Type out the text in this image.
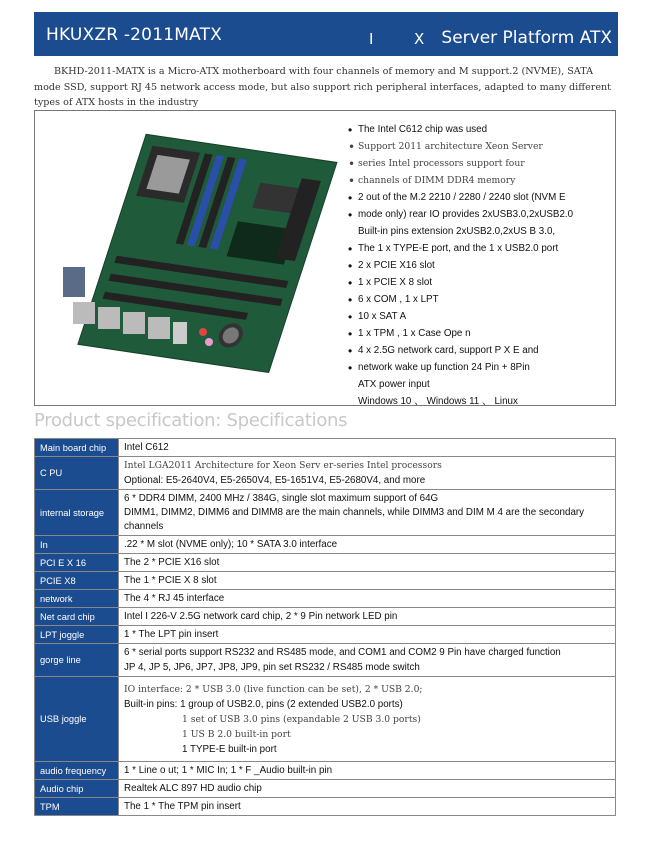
HKUXZR -2011MATX	I	X	Server Platform ATX

BKHD-2011-MATX is a Micro-ATX motherboard with four channels of memory and M support.2 (NVME), SATA mode SSD, support RJ 45 network access mode, but also support rich peripheral interfaces, adapted to many different types of ATX hosts in the industry

• The Intel C612 chip was used
• Support 2011 architecture Xeon Server
• series Intel processors support four
• channels of DIMM DDR4 memory
• 2 out of the M.2 2210 / 2280 / 2240 slot (NVM E
• mode only) rear IO provides 2xUSB3.0,2xUSB2.0
Built-in pins extension 2xUSB2.0,2xUS B 3.0,
• The 1 x TYPE-E port, and the 1 x USB2.0 port
• 2 x PCIE X16 slot
• 1 x PCIE X 8 slot
• 6 x COM , 1 x LPT
• 10 x SAT A
• 1 x TPM , 1 x Case Ope n
• 4 x 2.5G network card, support P X E and
• network wake up function 24 Pin + 8Pin
ATX power input
Windows 10 、 Windows 11 、 Linux
Product specification: Specifications
Main board chip	Intel C612

C PU	Intel LGA2011 Architecture for Xeon Serv er-series Intel processors
Optional: E5-2640V4, E5-2650V4, E5-1651V4, E5-2680V4, and more

internal storage	6 * DDR4 DIMM, 2400 MHz / 384G, single slot maximum support of 64G
DIMM1, DIMM2, DIMM6 and DIMM8 are the main channels, while DIMM3 and DIM M 4 are the secondary channels

In	.22 * M slot (NVME only); 10 * SATA 3.0 interface

PCI E X 16	The 2 * PCIE X16 slot

PCIE X8	The 1 * PCIE X 8 slot

network	The 4 * RJ 45 interface

Net card chip	Intel I 226-V 2.5G network card chip, 2 * 9 Pin network LED pin

LPT joggle	1 * The LPT pin insert

gorge line	6 * serial ports support RS232 and RS485 mode, and COM1 and COM2 9 Pin have charged function
JP 4, JP 5, JP6, JP7, JP8, JP9, pin set RS232 / RS485 mode switch

USB joggle	IO interface: 2 * USB 3.0 (live function can be set), 2 * USB 2.0;
Built-in pins: 1 group of USB2.0, pins (2 extended USB2.0 ports)
1 set of USB 3.0 pins (expandable 2 USB 3.0 ports)
1 US B 2.0 built-in port
1 TYPE-E built-in port

audio frequency	1 * Line o ut; 1 * MIC In; 1 * F _Audio built-in pin

Audio chip	Realtek ALC 897 HD audio chip

TPM	The 1 * The TPM pin insert
